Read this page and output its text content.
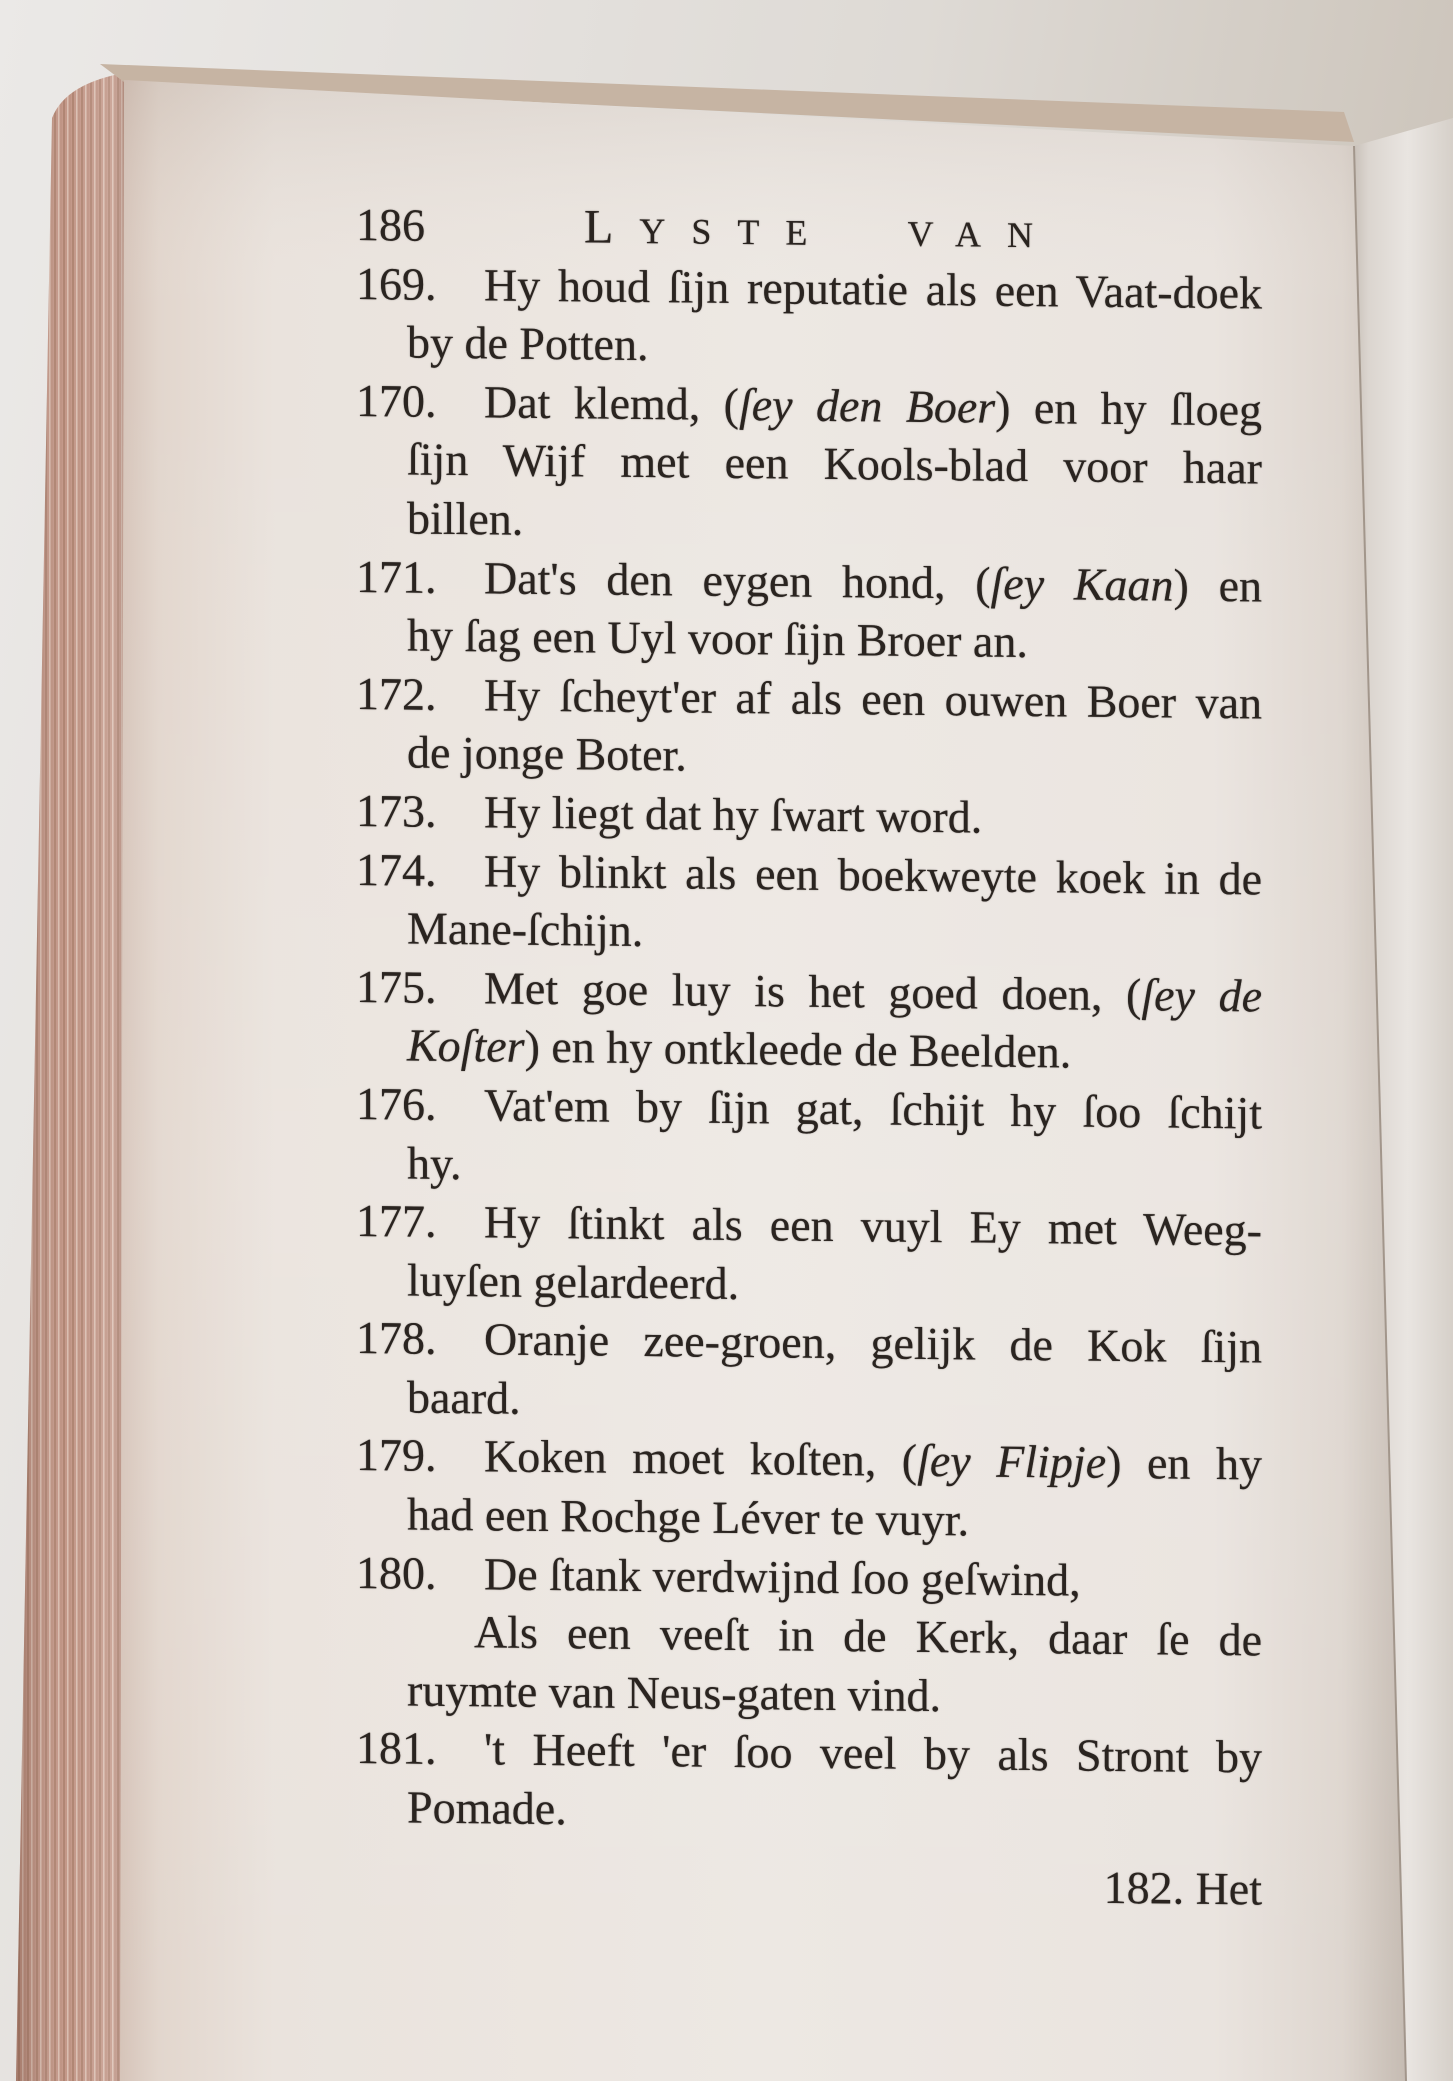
186	LYSTE VAN
169. Hy houd ſijn reputatie als een Vaat-doek
by de Potten.
170. Dat klemd, (ſey den Boer) en hy ſloeg
ſijn Wijf met een Kools-blad voor haar
billen.
171. Dat's den eygen hond, (ſey Kaan) en
hy ſag een Uyl voor ſijn Broer an.
172. Hy ſcheyt'er af als een ouwen Boer van
de jonge Boter.
173. Hy liegt dat hy ſwart word.
174. Hy blinkt als een boekweyte koek in de
Mane-ſchijn.
175. Met goe luy is het goed doen, (ſey de
Koſter) en hy ontkleede de Beelden.
176. Vat'em by ſijn gat, ſchijt hy ſoo ſchijt
hy.
177. Hy ſtinkt als een vuyl Ey met Weeg-
luyſen gelardeerd.
178. Oranje zee-groen, gelijk de Kok ſijn
baard.
179. Koken moet koſten, (ſey Flipje) en hy
had een Rochge Léver te vuyr.
180. De ſtank verdwijnd ſoo geſwind,
Als een veeſt in de Kerk, daar ſe de
ruymte van Neus-gaten vind.
181. 't Heeft 'er ſoo veel by als Stront by
Pomade.
182. Het
